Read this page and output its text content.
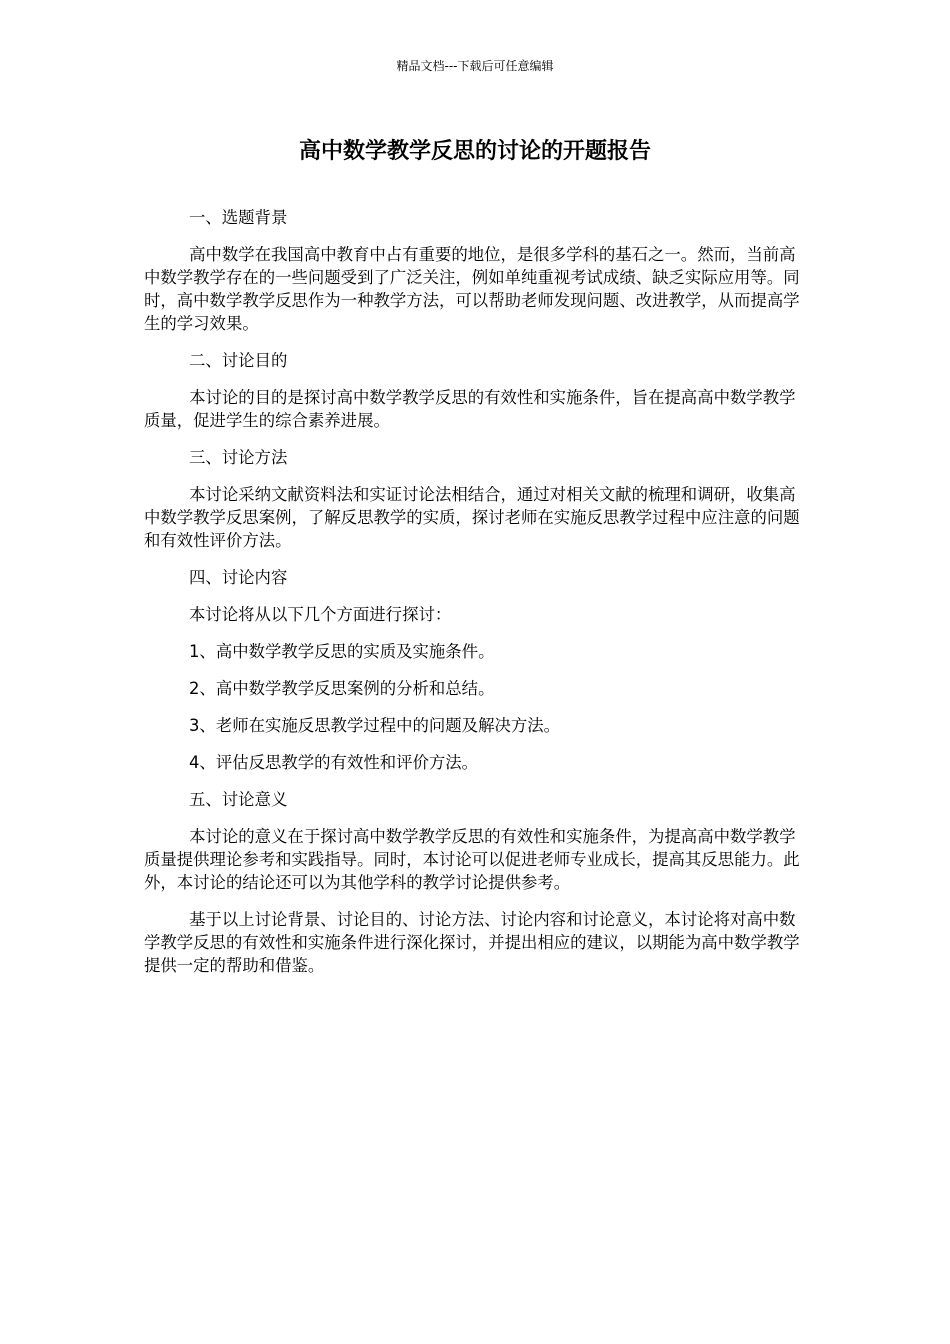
精品文档---下载后可任意编辑
高中数学教学反思的讨论的开题报告

一、选题背景

高中数学在我国高中教育中占有重要的地位，是很多学科的基石之一。然而，当前高中数学教学存在的一些问题受到了广泛关注，例如单纯重视考试成绩、缺乏实际应用等。同时，高中数学教学反思作为一种教学方法，可以帮助老师发现问题、改进教学，从而提高学生的学习效果。

二、讨论目的

本讨论的目的是探讨高中数学教学反思的有效性和实施条件，旨在提高高中数学教学质量，促进学生的综合素养进展。

三、讨论方法

本讨论采纳文献资料法和实证讨论法相结合，通过对相关文献的梳理和调研，收集高中数学教学反思案例，了解反思教学的实质，探讨老师在实施反思教学过程中应注意的问题和有效性评价方法。

四、讨论内容

本讨论将从以下几个方面进行探讨：

1、高中数学教学反思的实质及实施条件。

2、高中数学教学反思案例的分析和总结。

3、老师在实施反思教学过程中的问题及解决方法。

4、评估反思教学的有效性和评价方法。

五、讨论意义

本讨论的意义在于探讨高中数学教学反思的有效性和实施条件，为提高高中数学教学质量提供理论参考和实践指导。同时，本讨论可以促进老师专业成长，提高其反思能力。此外，本讨论的结论还可以为其他学科的教学讨论提供参考。

基于以上讨论背景、讨论目的、讨论方法、讨论内容和讨论意义，本讨论将对高中数学教学反思的有效性和实施条件进行深化探讨，并提出相应的建议，以期能为高中数学教学提供一定的帮助和借鉴。
